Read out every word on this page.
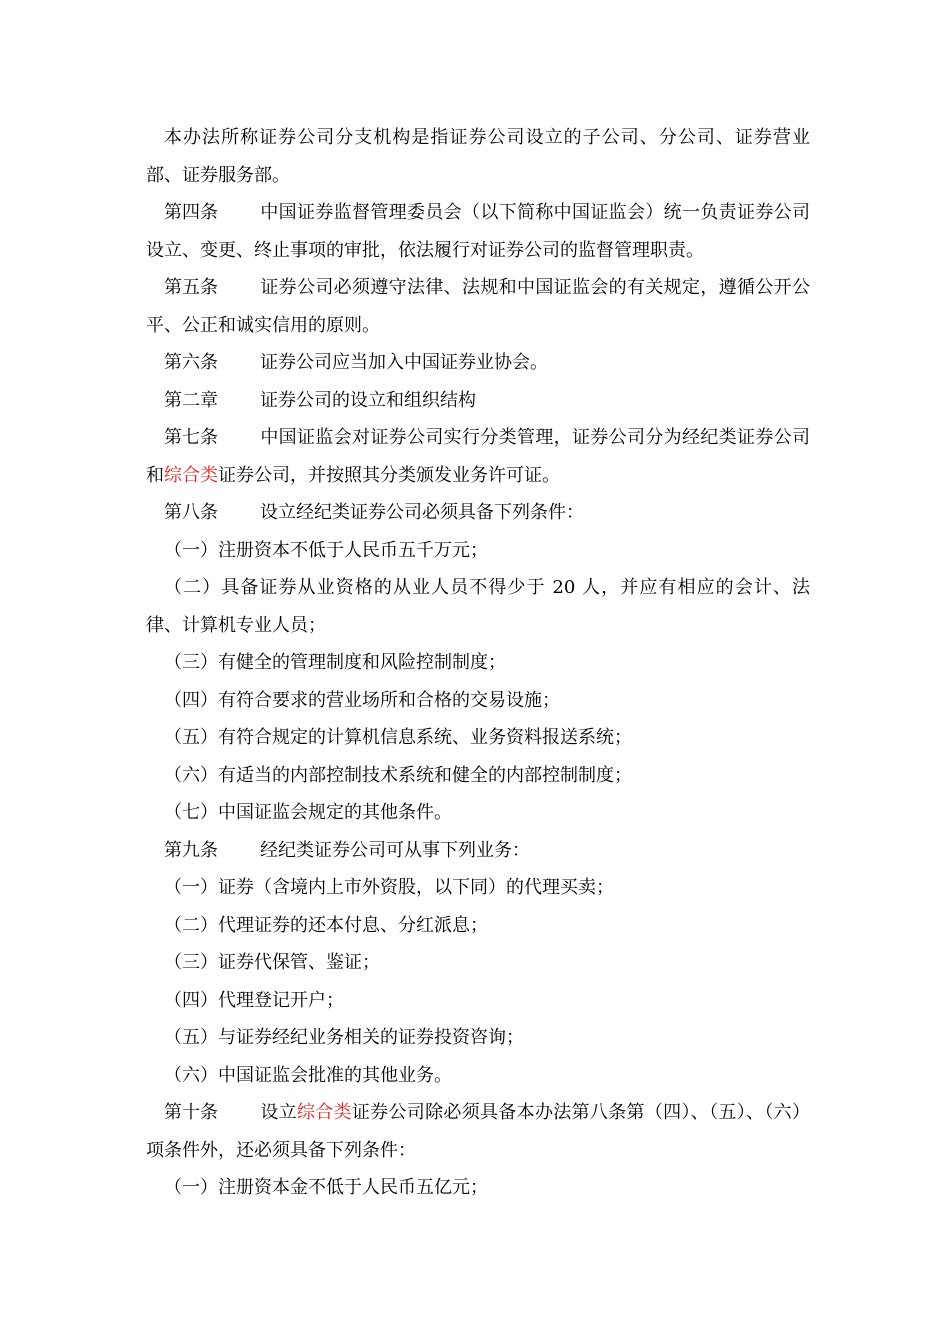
本办法所称证券公司分支机构是指证券公司设立的子公司、分公司、证券营业部、证券服务部。

第四条 中国证券监督管理委员会（以下简称中国证监会）统一负责证券公司设立、变更、终止事项的审批，依法履行对证券公司的监督管理职责。

第五条 证券公司必须遵守法律、法规和中国证监会的有关规定，遵循公开公平、公正和诚实信用的原则。

第六条 证券公司应当加入中国证券业协会。

第二章 证券公司的设立和组织结构

第七条 中国证监会对证券公司实行分类管理，证券公司分为经纪类证券公司和综合类证券公司，并按照其分类颁发业务许可证。

第八条 设立经纪类证券公司必须具备下列条件：

（一）注册资本不低于人民币五千万元；

（二）具备证券从业资格的从业人员不得少于 20 人，并应有相应的会计、法律、计算机专业人员；

（三）有健全的管理制度和风险控制制度；

（四）有符合要求的营业场所和合格的交易设施；

（五）有符合规定的计算机信息系统、业务资料报送系统；

（六）有适当的内部控制技术系统和健全的内部控制制度；

（七）中国证监会规定的其他条件。

第九条 经纪类证券公司可从事下列业务：

（一）证券（含境内上市外资股，以下同）的代理买卖；

（二）代理证券的还本付息、分红派息；

（三）证券代保管、鉴证；

（四）代理登记开户；

（五）与证券经纪业务相关的证券投资咨询；

（六）中国证监会批准的其他业务。

第十条 设立综合类证券公司除必须具备本办法第八条第（四）、（五）、（六）项条件外，还必须具备下列条件：

（一）注册资本金不低于人民币五亿元；
